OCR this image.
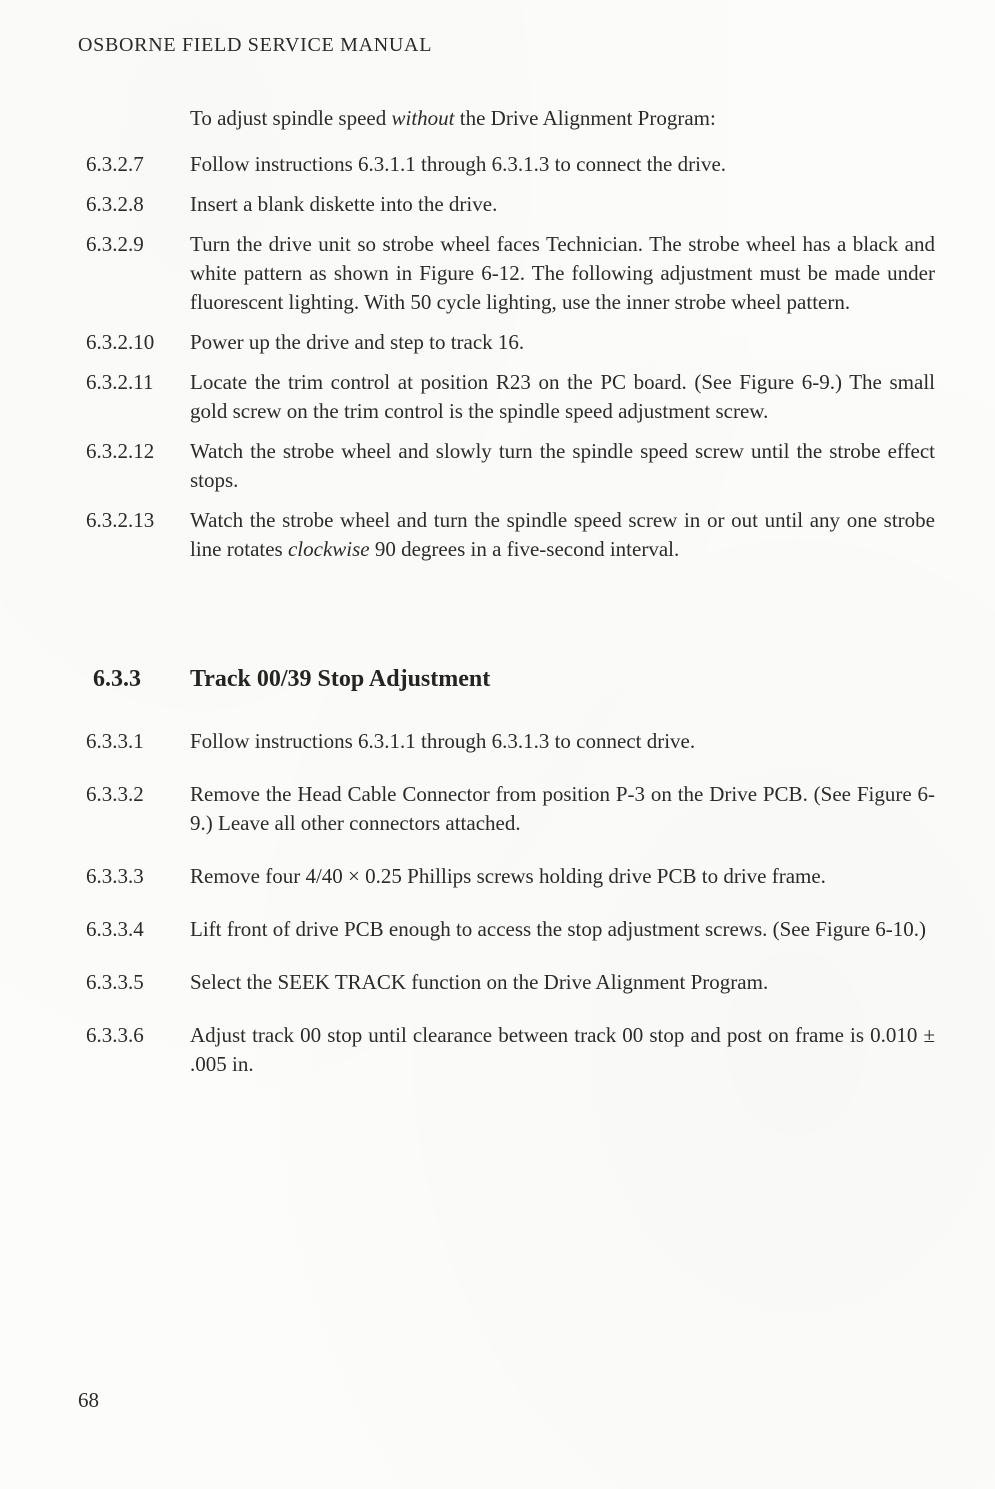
OSBORNE FIELD SERVICE MANUAL

To adjust spindle speed without the Drive Alignment Program:

6.3.2.7	Follow instructions 6.3.1.1 through 6.3.1.3 to connect the drive.
6.3.2.8	Insert a blank diskette into the drive.
6.3.2.9	Turn the drive unit so strobe wheel faces Technician. The strobe wheel has a black and white pattern as shown in Figure 6-12. The following adjustment must be made under fluorescent lighting. With 50 cycle lighting, use the inner strobe wheel pattern.
6.3.2.10	Power up the drive and step to track 16.
6.3.2.11	Locate the trim control at position R23 on the PC board. (See Figure 6-9.) The small gold screw on the trim control is the spindle speed adjustment screw.
6.3.2.12	Watch the strobe wheel and slowly turn the spindle speed screw until the strobe effect stops.
6.3.2.13	Watch the strobe wheel and turn the spindle speed screw in or out until any one strobe line rotates clockwise 90 degrees in a five-second interval.
6.3.3	Track 00/39 Stop Adjustment
6.3.3.1	Follow instructions 6.3.1.1 through 6.3.1.3 to connect drive.
6.3.3.2	Remove the Head Cable Connector from position P-3 on the Drive PCB. (See Figure 6-9.) Leave all other connectors attached.
6.3.3.3	Remove four 4/40 × 0.25 Phillips screws holding drive PCB to drive frame.
6.3.3.4	Lift front of drive PCB enough to access the stop adjustment screws. (See Figure 6-10.)
6.3.3.5	Select the SEEK TRACK function on the Drive Alignment Program.
6.3.3.6	Adjust track 00 stop until clearance between track 00 stop and post on frame is 0.010 ± .005 in.
68
